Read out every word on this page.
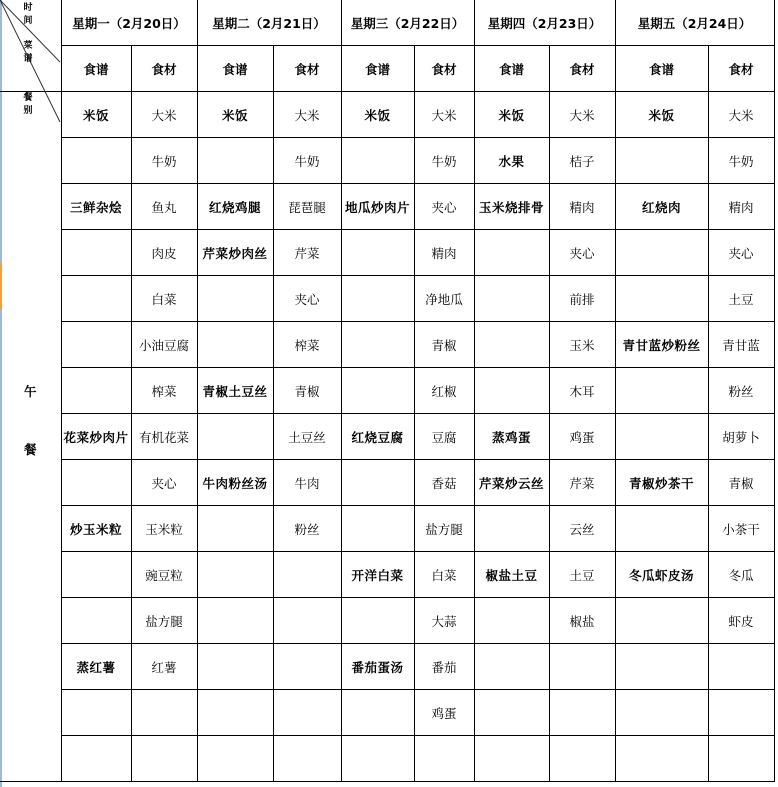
时
间
菜
谱
餐
别
	星期一（2月20日）	星期二（2月21日）	星期三（2月22日）	星期四（2月23日）	星期五（2月24日）
	食谱	食材	食谱	食材	食谱	食材	食谱	食材	食谱	食材

午
餐	米饭	大米	米饭	大米	米饭	大米	米饭	大米	米饭	大米
		牛奶		牛奶		牛奶	水果	桔子		牛奶
	三鲜杂烩	鱼丸	红烧鸡腿	琵琶腿	地瓜炒肉片	夹心	玉米烧排骨	精肉	红烧肉	精肉
		肉皮	芹菜炒肉丝	芹菜		精肉		夹心		夹心
		白菜		夹心		净地瓜		前排		土豆
		小油豆腐		榨菜		青椒		玉米	青甘蓝炒粉丝	青甘蓝
		榨菜	青椒土豆丝	青椒		红椒		木耳		粉丝
	花菜炒肉片	有机花菜		土豆丝	红烧豆腐	豆腐	蒸鸡蛋	鸡蛋		胡萝卜
		夹心	牛肉粉丝汤	牛肉		香菇	芹菜炒云丝	芹菜	青椒炒茶干	青椒
	炒玉米粒	玉米粒		粉丝		盐方腿		云丝		小茶干
		豌豆粒			开洋白菜	白菜	椒盐土豆	土豆	冬瓜虾皮汤	冬瓜
		盐方腿				大蒜		椒盐		虾皮
	蒸红薯	红薯			番茄蛋汤	番茄				
						鸡蛋				
